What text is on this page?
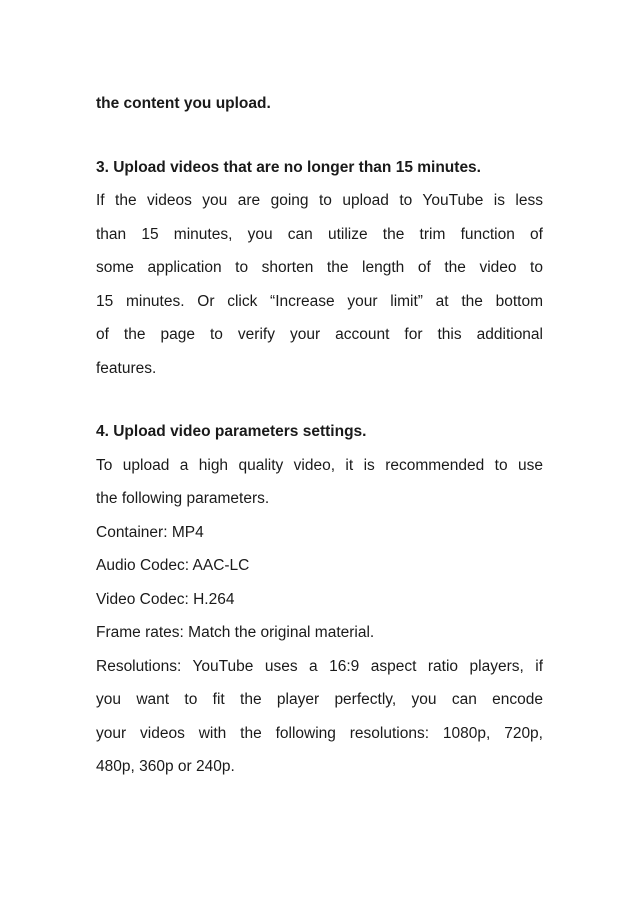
the content you upload.
3. Upload videos that are no longer than 15 minutes.
If the videos you are going to upload to YouTube is less
than 15 minutes, you can utilize the trim function of
some application to shorten the length of the video to
15 minutes. Or click “Increase your limit” at the bottom
of the page to verify your account for this additional
features.
4. Upload video parameters settings.
To upload a high quality video, it is recommended to use
the following parameters.
Container: MP4
Audio Codec: AAC-LC
Video Codec: H.264
Frame rates: Match the original material.
Resolutions: YouTube uses a 16:9 aspect ratio players, if
you want to fit the player perfectly, you can encode
your videos with the following resolutions: 1080p, 720p,
480p, 360p or 240p.
